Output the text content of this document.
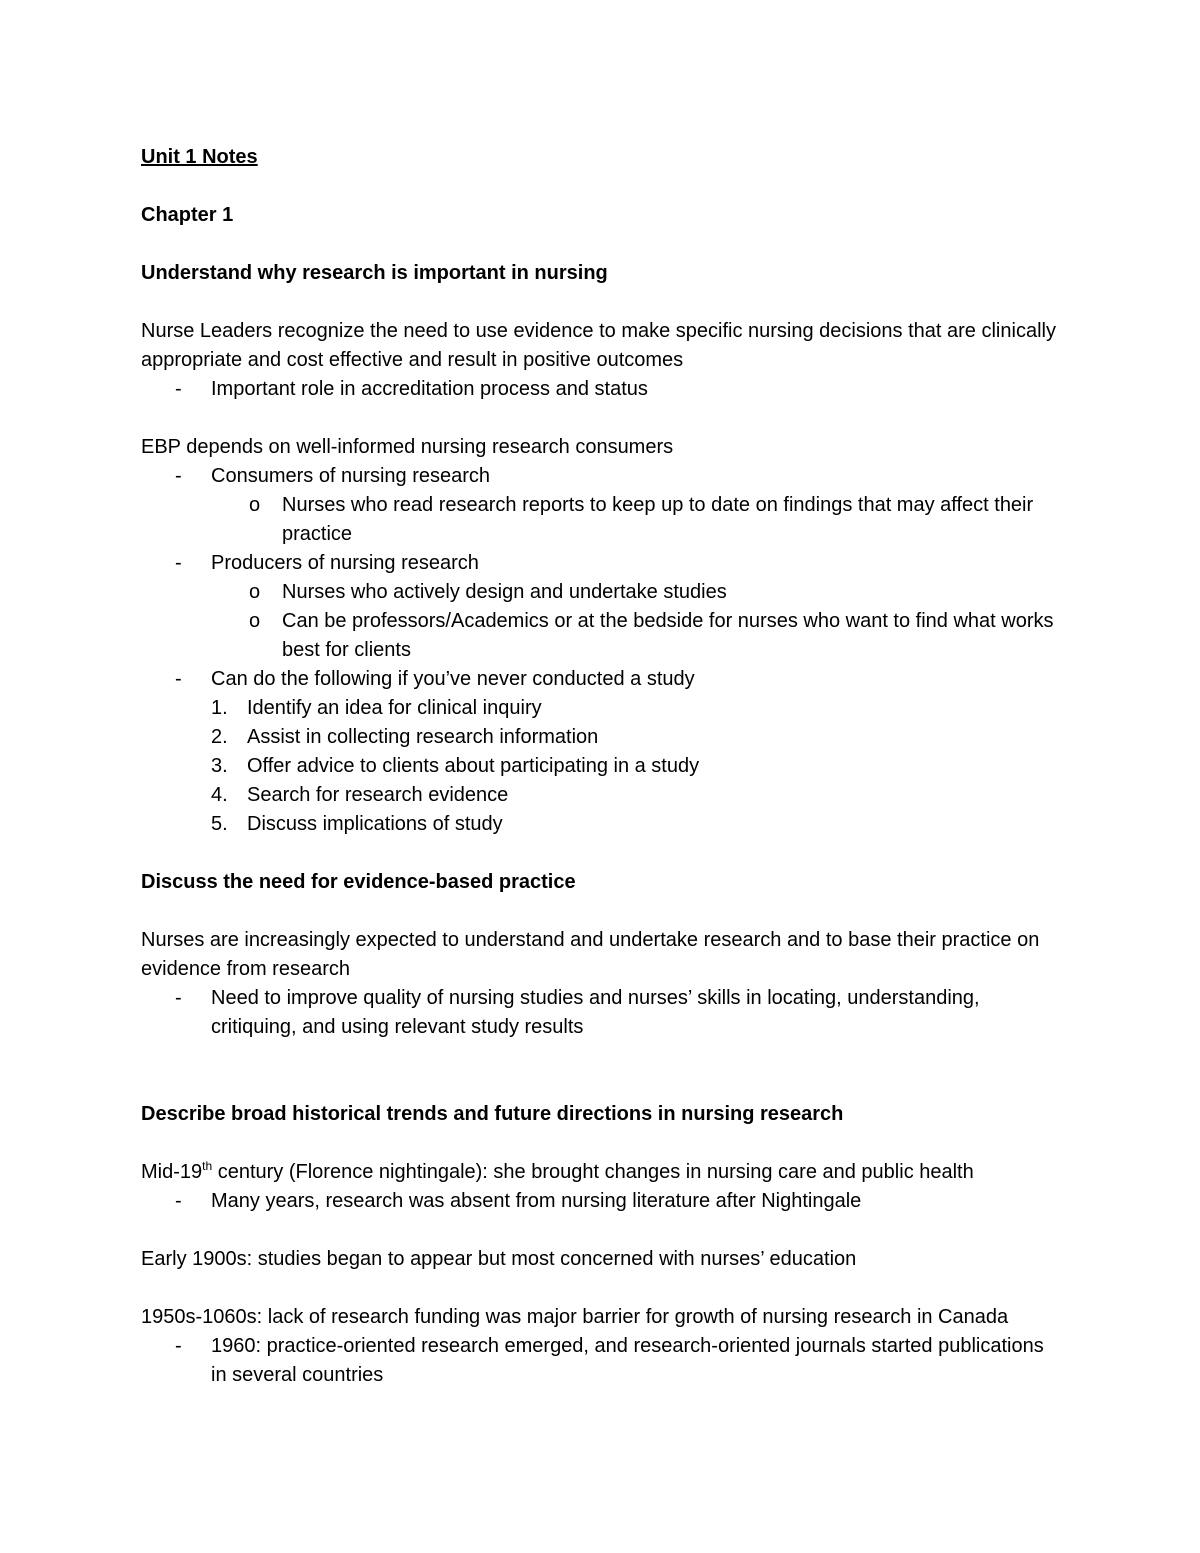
Unit 1 Notes

Chapter 1

Understand why research is important in nursing

Nurse Leaders recognize the need to use evidence to make specific nursing decisions that are clinically appropriate and cost effective and result in positive outcomes

- Important role in accreditation process and status

EBP depends on well-informed nursing research consumers

- Consumers of nursing research

o Nurses who read research reports to keep up to date on findings that may affect their practice

- Producers of nursing research

o Nurses who actively design and undertake studies

o Can be professors/Academics or at the bedside for nurses who want to find what works best for clients

- Can do the following if you’ve never conducted a study

1. Identify an idea for clinical inquiry

2. Assist in collecting research information

3. Offer advice to clients about participating in a study

4. Search for research evidence

5. Discuss implications of study

Discuss the need for evidence-based practice

Nurses are increasingly expected to understand and undertake research and to base their practice on evidence from research

- Need to improve quality of nursing studies and nurses’ skills in locating, understanding, critiquing, and using relevant study results

Describe broad historical trends and future directions in nursing research

Mid-19th century (Florence nightingale): she brought changes in nursing care and public health

- Many years, research was absent from nursing literature after Nightingale

Early 1900s: studies began to appear but most concerned with nurses’ education

1950s-1060s: lack of research funding was major barrier for growth of nursing research in Canada

- 1960: practice-oriented research emerged, and research-oriented journals started publications in several countries
